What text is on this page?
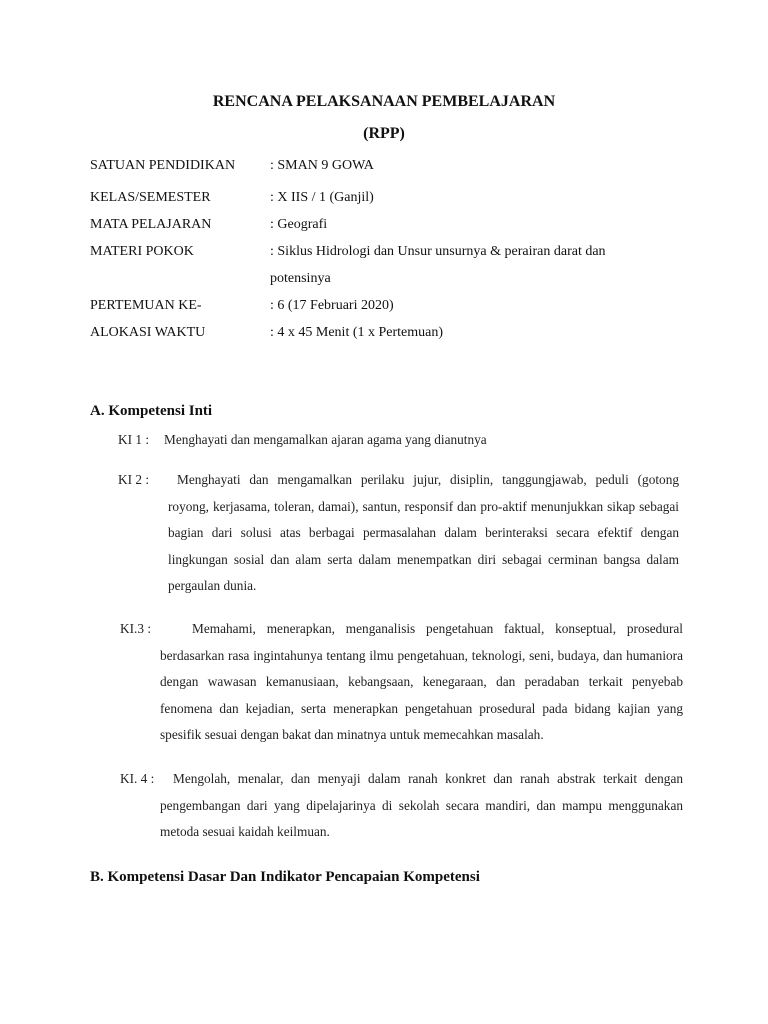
RENCANA PELAKSANAAN PEMBELAJARAN
(RPP)
SATUAN PENDIDIKAN	: SMAN 9 GOWA
KELAS/SEMESTER	: X IIS / 1 (Ganjil)
MATA PELAJARAN	: Geografi
MATERI POKOK	: Siklus Hidrologi dan Unsur unsurnya & perairan darat dan potensinya
PERTEMUAN KE-	: 6 (17 Februari 2020)
ALOKASI WAKTU	: 4 x 45 Menit (1 x Pertemuan)
A. Kompetensi Inti
KI 1 : Menghayati dan mengamalkan ajaran agama yang dianutnya
KI 2 :	Menghayati dan mengamalkan perilaku jujur, disiplin, tanggungjawab, peduli (gotong royong, kerjasama, toleran, damai), santun, responsif dan pro-aktif menunjukkan sikap sebagai bagian dari solusi atas berbagai permasalahan dalam berinteraksi secara efektif dengan lingkungan sosial dan alam serta dalam menempatkan diri sebagai cerminan bangsa dalam pergaulan dunia.
KI.3 :	Memahami, menerapkan, menganalisis pengetahuan faktual, konseptual, prosedural berdasarkan rasa ingintahunya tentang ilmu pengetahuan, teknologi, seni, budaya, dan humaniora dengan wawasan kemanusiaan, kebangsaan, kenegaraan, dan peradaban terkait penyebab fenomena dan kejadian, serta menerapkan pengetahuan prosedural pada bidang kajian yang spesifik sesuai dengan bakat dan minatnya untuk memecahkan masalah.
KI. 4 :	Mengolah, menalar, dan menyaji dalam ranah konkret dan ranah abstrak terkait dengan pengembangan dari yang dipelajarinya di sekolah secara mandiri, dan mampu menggunakan metoda sesuai kaidah keilmuan.
B. Kompetensi Dasar Dan Indikator Pencapaian Kompetensi
